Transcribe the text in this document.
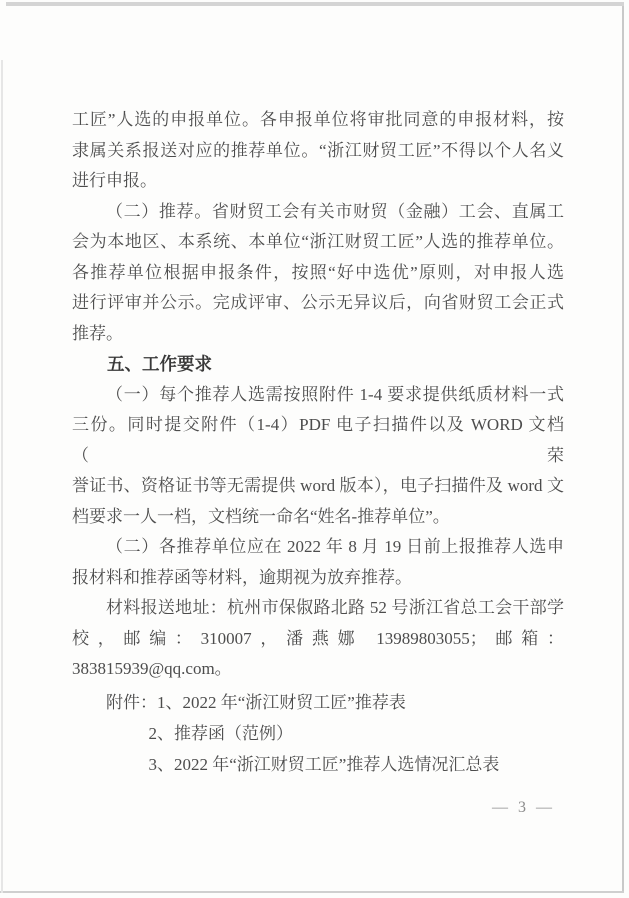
工匠”人选的申报单位。各申报单位将审批同意的申报材料，按
隶属关系报送对应的推荐单位。“浙江财贸工匠”不得以个人名义
进行申报。
（二）推荐。省财贸工会有关市财贸（金融）工会、直属工
会为本地区、本系统、本单位“浙江财贸工匠”人选的推荐单位。
各推荐单位根据申报条件，按照“好中选优”原则，对申报人选
进行评审并公示。完成评审、公示无异议后，向省财贸工会正式
推荐。
五、工作要求
（一）每个推荐人选需按照附件 1-4 要求提供纸质材料一式
三份。同时提交附件（1-4）PDF 电子扫描件以及 WORD 文档（荣
誉证书、资格证书等无需提供 word 版本），电子扫描件及 word 文
档要求一人一档，文档统一命名“姓名-推荐单位”。
（二）各推荐单位应在 2022 年 8 月 19 日前上报推荐人选申
报材料和推荐函等材料，逾期视为放弃推荐。
材料报送地址：杭州市保俶路北路 52 号浙江省总工会干部学
校，邮编：310007，潘燕娜 13989803055；邮箱：
383815939@qq.com。
附件：1、2022 年“浙江财贸工匠”推荐表
2、推荐函（范例）
3、2022 年“浙江财贸工匠”推荐人选情况汇总表
— 3 —
